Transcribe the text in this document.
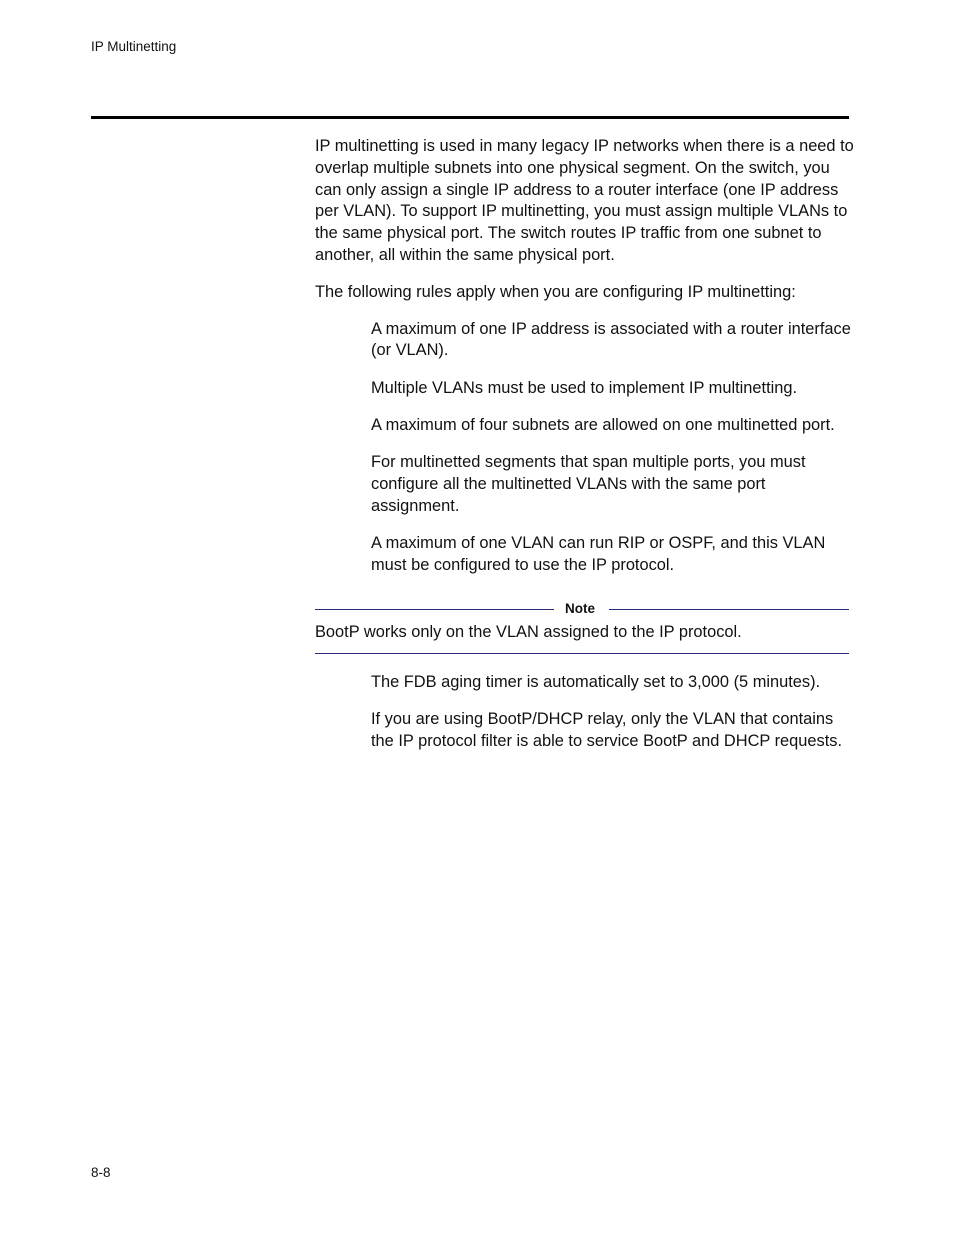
IP Multinetting

IP multinetting is used in many legacy IP networks when there is a need to overlap multiple subnets into one physical segment. On the switch, you can only assign a single IP address to a router interface (one IP address per VLAN). To support IP multinetting, you must assign multiple VLANs to the same physical port. The switch routes IP traffic from one subnet to another, all within the same physical port.

The following rules apply when you are configuring IP multinetting:

A maximum of one IP address is associated with a router interface (or VLAN).

Multiple VLANs must be used to implement IP multinetting.

A maximum of four subnets are allowed on one multinetted port.

For multinetted segments that span multiple ports, you must configure all the multinetted VLANs with the same port assignment.

A maximum of one VLAN can run RIP or OSPF, and this VLAN must be configured to use the IP protocol.

Note

BootP works only on the VLAN assigned to the IP protocol.

The FDB aging timer is automatically set to 3,000 (5 minutes).

If you are using BootP/DHCP relay, only the VLAN that contains the IP protocol filter is able to service BootP and DHCP requests.

8-8
